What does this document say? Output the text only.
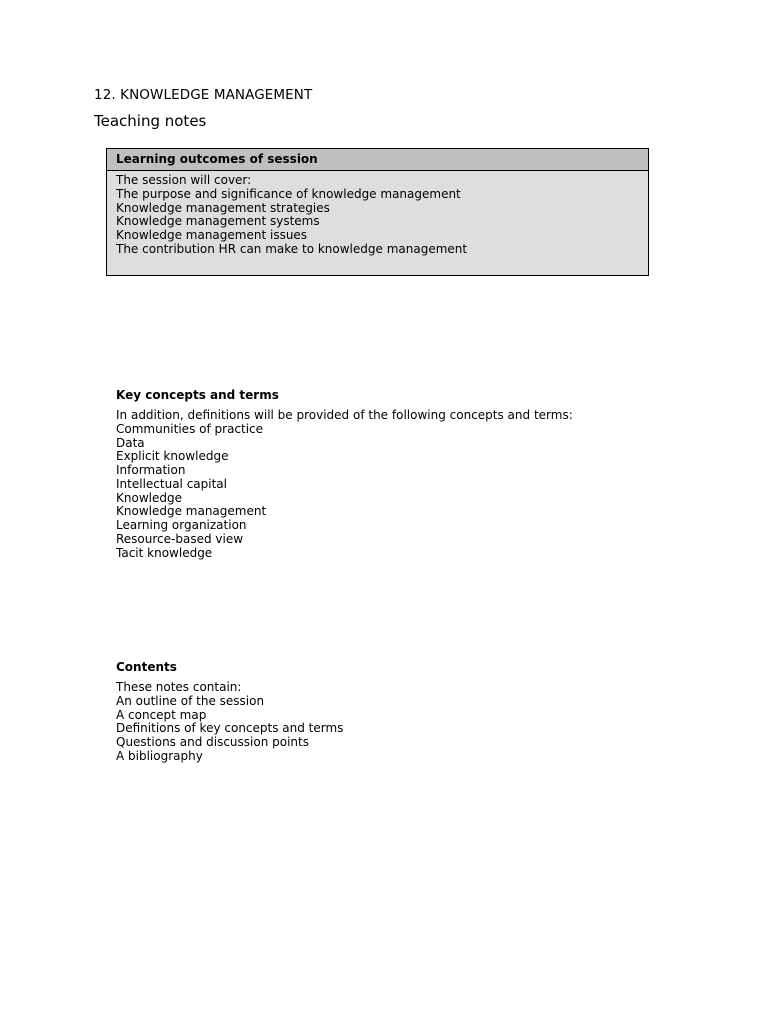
12. KNOWLEDGE MANAGEMENT
Teaching notes
Learning outcomes of session
The session will cover:
The purpose and significance of knowledge management
Knowledge management strategies
Knowledge management systems
Knowledge management issues
The contribution HR can make to knowledge management
Key concepts and terms
In addition, definitions will be provided of the following concepts and terms:
Communities of practice
Data
Explicit knowledge
Information
Intellectual capital
Knowledge
Knowledge management
Learning organization
Resource-based view
Tacit knowledge
Contents
These notes contain:
An outline of the session
A concept map
Definitions of key concepts and terms
Questions and discussion points
A bibliography
